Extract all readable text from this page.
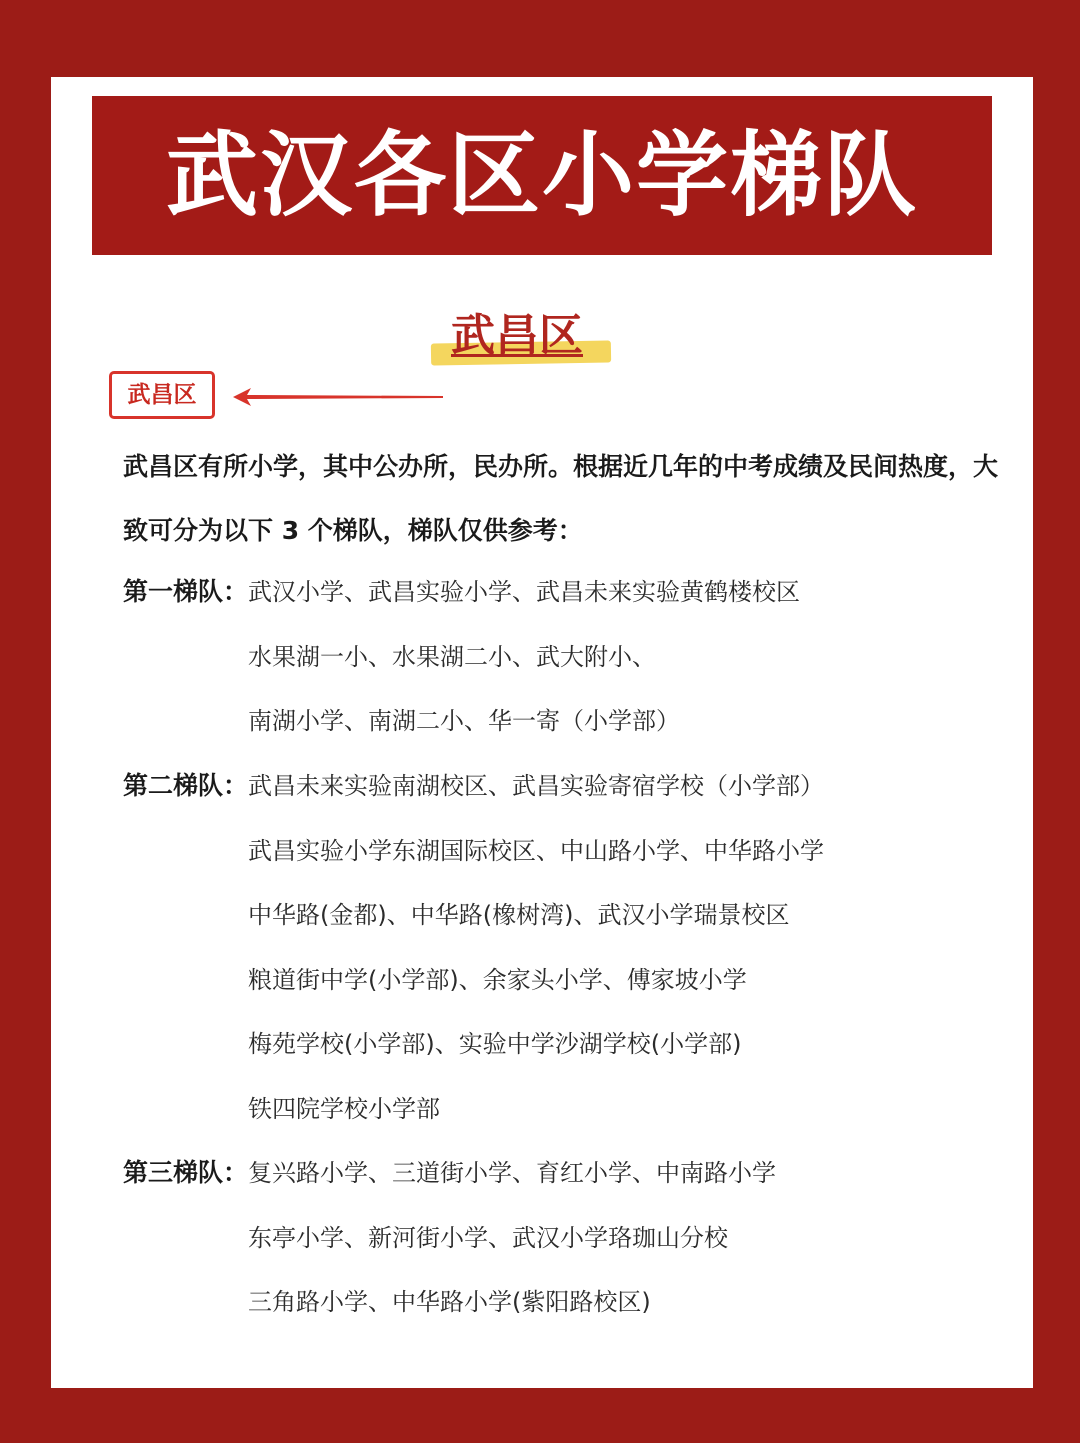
武汉各区小学梯队
武昌区
武昌区
武昌区有所小学，其中公办所，民办所。根据近几年的中考成绩及民间热度，大致可分为以下 3 个梯队，梯队仅供参考：
第一梯队： 武汉小学、武昌实验小学、武昌未来实验黄鹤楼校区
水果湖一小、水果湖二小、武大附小、
南湖小学、南湖二小、华一寄（小学部）
第二梯队： 武昌未来实验南湖校区、武昌实验寄宿学校（小学部）
武昌实验小学东湖国际校区、中山路小学、中华路小学
中华路(金都)、中华路(橡树湾)、武汉小学瑞景校区
粮道街中学(小学部)、余家头小学、傅家坡小学
梅苑学校(小学部)、实验中学沙湖学校(小学部)
铁四院学校小学部
第三梯队： 复兴路小学、三道街小学、育红小学、中南路小学
东亭小学、新河街小学、武汉小学珞珈山分校
三角路小学、中华路小学(紫阳路校区)
